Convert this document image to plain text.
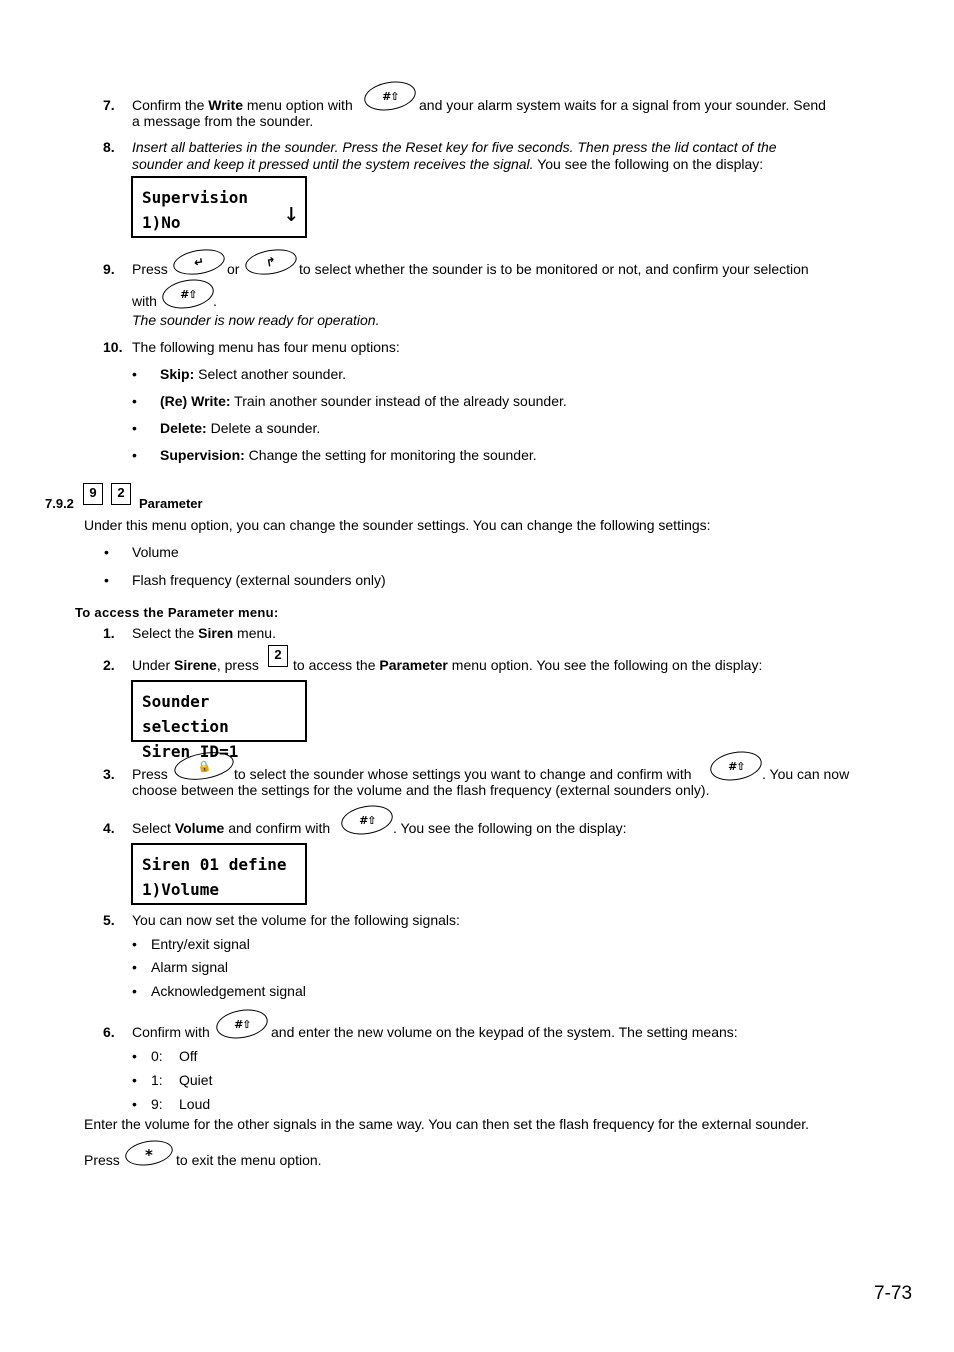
7. Confirm the Write menu option with
#⇧
and your alarm system waits for a signal from your sounder. Send
a message from the sounder.
8. Insert all batteries in the sounder. Press the Reset key for five seconds. Then press the lid contact of the
sounder and keep it pressed until the system receives the signal. You see the following on the display:
Supervision
1)No	↓
9. Press ↵ or ↱ to select whether the sounder is to be monitored or not, and confirm your selection
with #⇧ .
The sounder is now ready for operation.
10. The following menu has four menu options:
• Skip: Select another sounder.
• (Re) Write: Train another sounder instead of the already sounder.
• Delete: Delete a sounder.
• Supervision: Change the setting for monitoring the sounder.
7.9.2
9	2
Parameter
Under this menu option, you can change the sounder settings. You can change the following settings:
• Volume
• Flash frequency (external sounders only)
To access the Parameter menu:
1. Select the Siren menu.
2. Under Sirene, press
2
to access the Parameter menu option. You see the following on the display:
Sounder selection
Siren ID=1
3. Press	🔒 to select the sounder whose settings you want to change and confirm with	#⇧ . You can now
choose between the settings for the volume and the flash frequency (external sounders only).
4. Select Volume and confirm with	#⇧ . You see the following on the display:
Siren 01 define
1)Volume
5. You can now set the volume for the following signals:
• Entry/exit signal
• Alarm signal
• Acknowledgement signal
6. Confirm with #⇧ and enter the new volume on the keypad of the system. The setting means:
• 0: Off
• 1: Quiet
• 9: Loud
Enter the volume for the other signals in the same way. You can then set the flash frequency for the external sounder.
Press * to exit the menu option.
7-73
